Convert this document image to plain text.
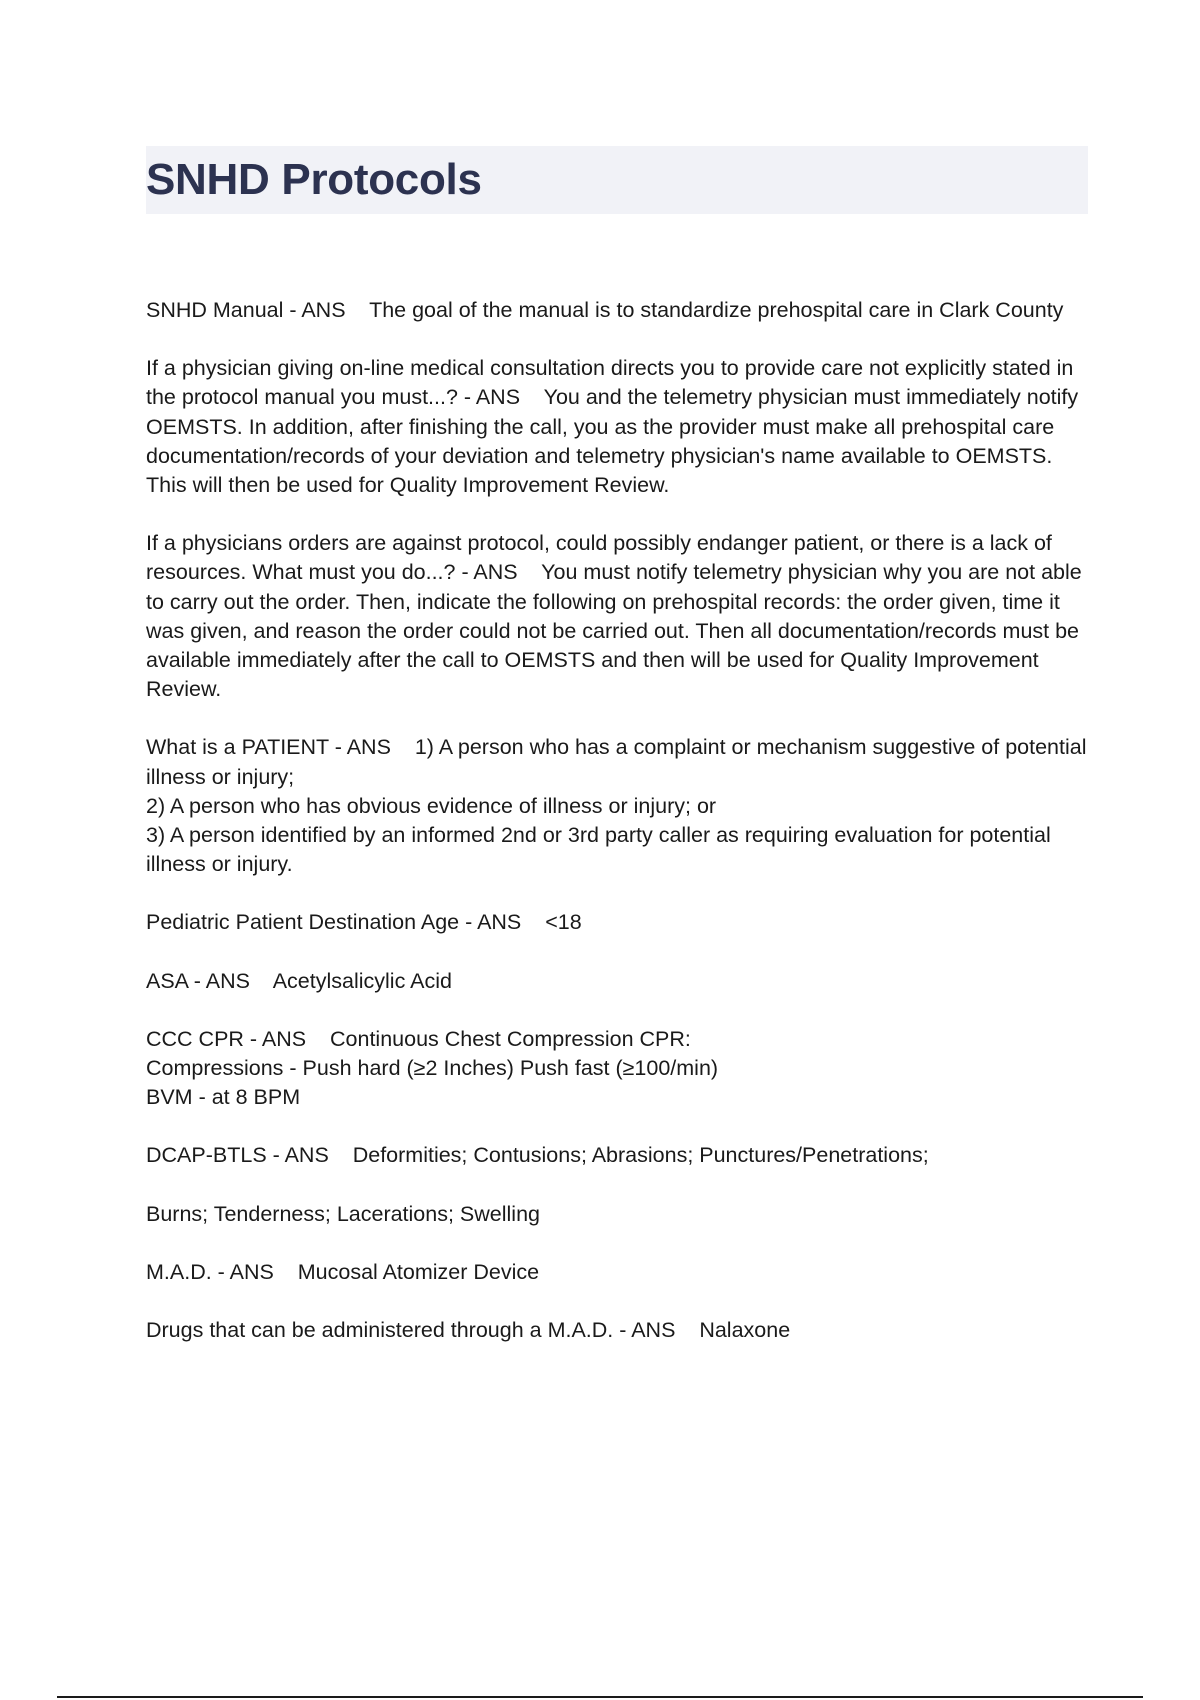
SNHD Protocols

SNHD Manual - ANS The goal of the manual is to standardize prehospital care in Clark County

If a physician giving on-line medical consultation directs you to provide care not explicitly stated in the protocol manual you must...? - ANS You and the telemetry physician must immediately notify OEMSTS. In addition, after finishing the call, you as the provider must make all prehospital care documentation/records of your deviation and telemetry physician's name available to OEMSTS. This will then be used for Quality Improvement Review.

If a physicians orders are against protocol, could possibly endanger patient, or there is a lack of resources. What must you do...? - ANS You must notify telemetry physician why you are not able to carry out the order. Then, indicate the following on prehospital records: the order given, time it was given, and reason the order could not be carried out. Then all documentation/records must be available immediately after the call to OEMSTS and then will be used for Quality Improvement Review.

What is a PATIENT - ANS 1) A person who has a complaint or mechanism suggestive of potential illness or injury;
2) A person who has obvious evidence of illness or injury; or
3) A person identified by an informed 2nd or 3rd party caller as requiring evaluation for potential illness or injury.

Pediatric Patient Destination Age - ANS <18

ASA - ANS Acetylsalicylic Acid

CCC CPR - ANS Continuous Chest Compression CPR:
Compressions - Push hard (≥2 Inches) Push fast (≥100/min)
BVM - at 8 BPM

DCAP-BTLS - ANS Deformities; Contusions; Abrasions; Punctures/Penetrations;

Burns; Tenderness; Lacerations; Swelling

M.A.D. - ANS Mucosal Atomizer Device

Drugs that can be administered through a M.A.D. - ANS Nalaxone
